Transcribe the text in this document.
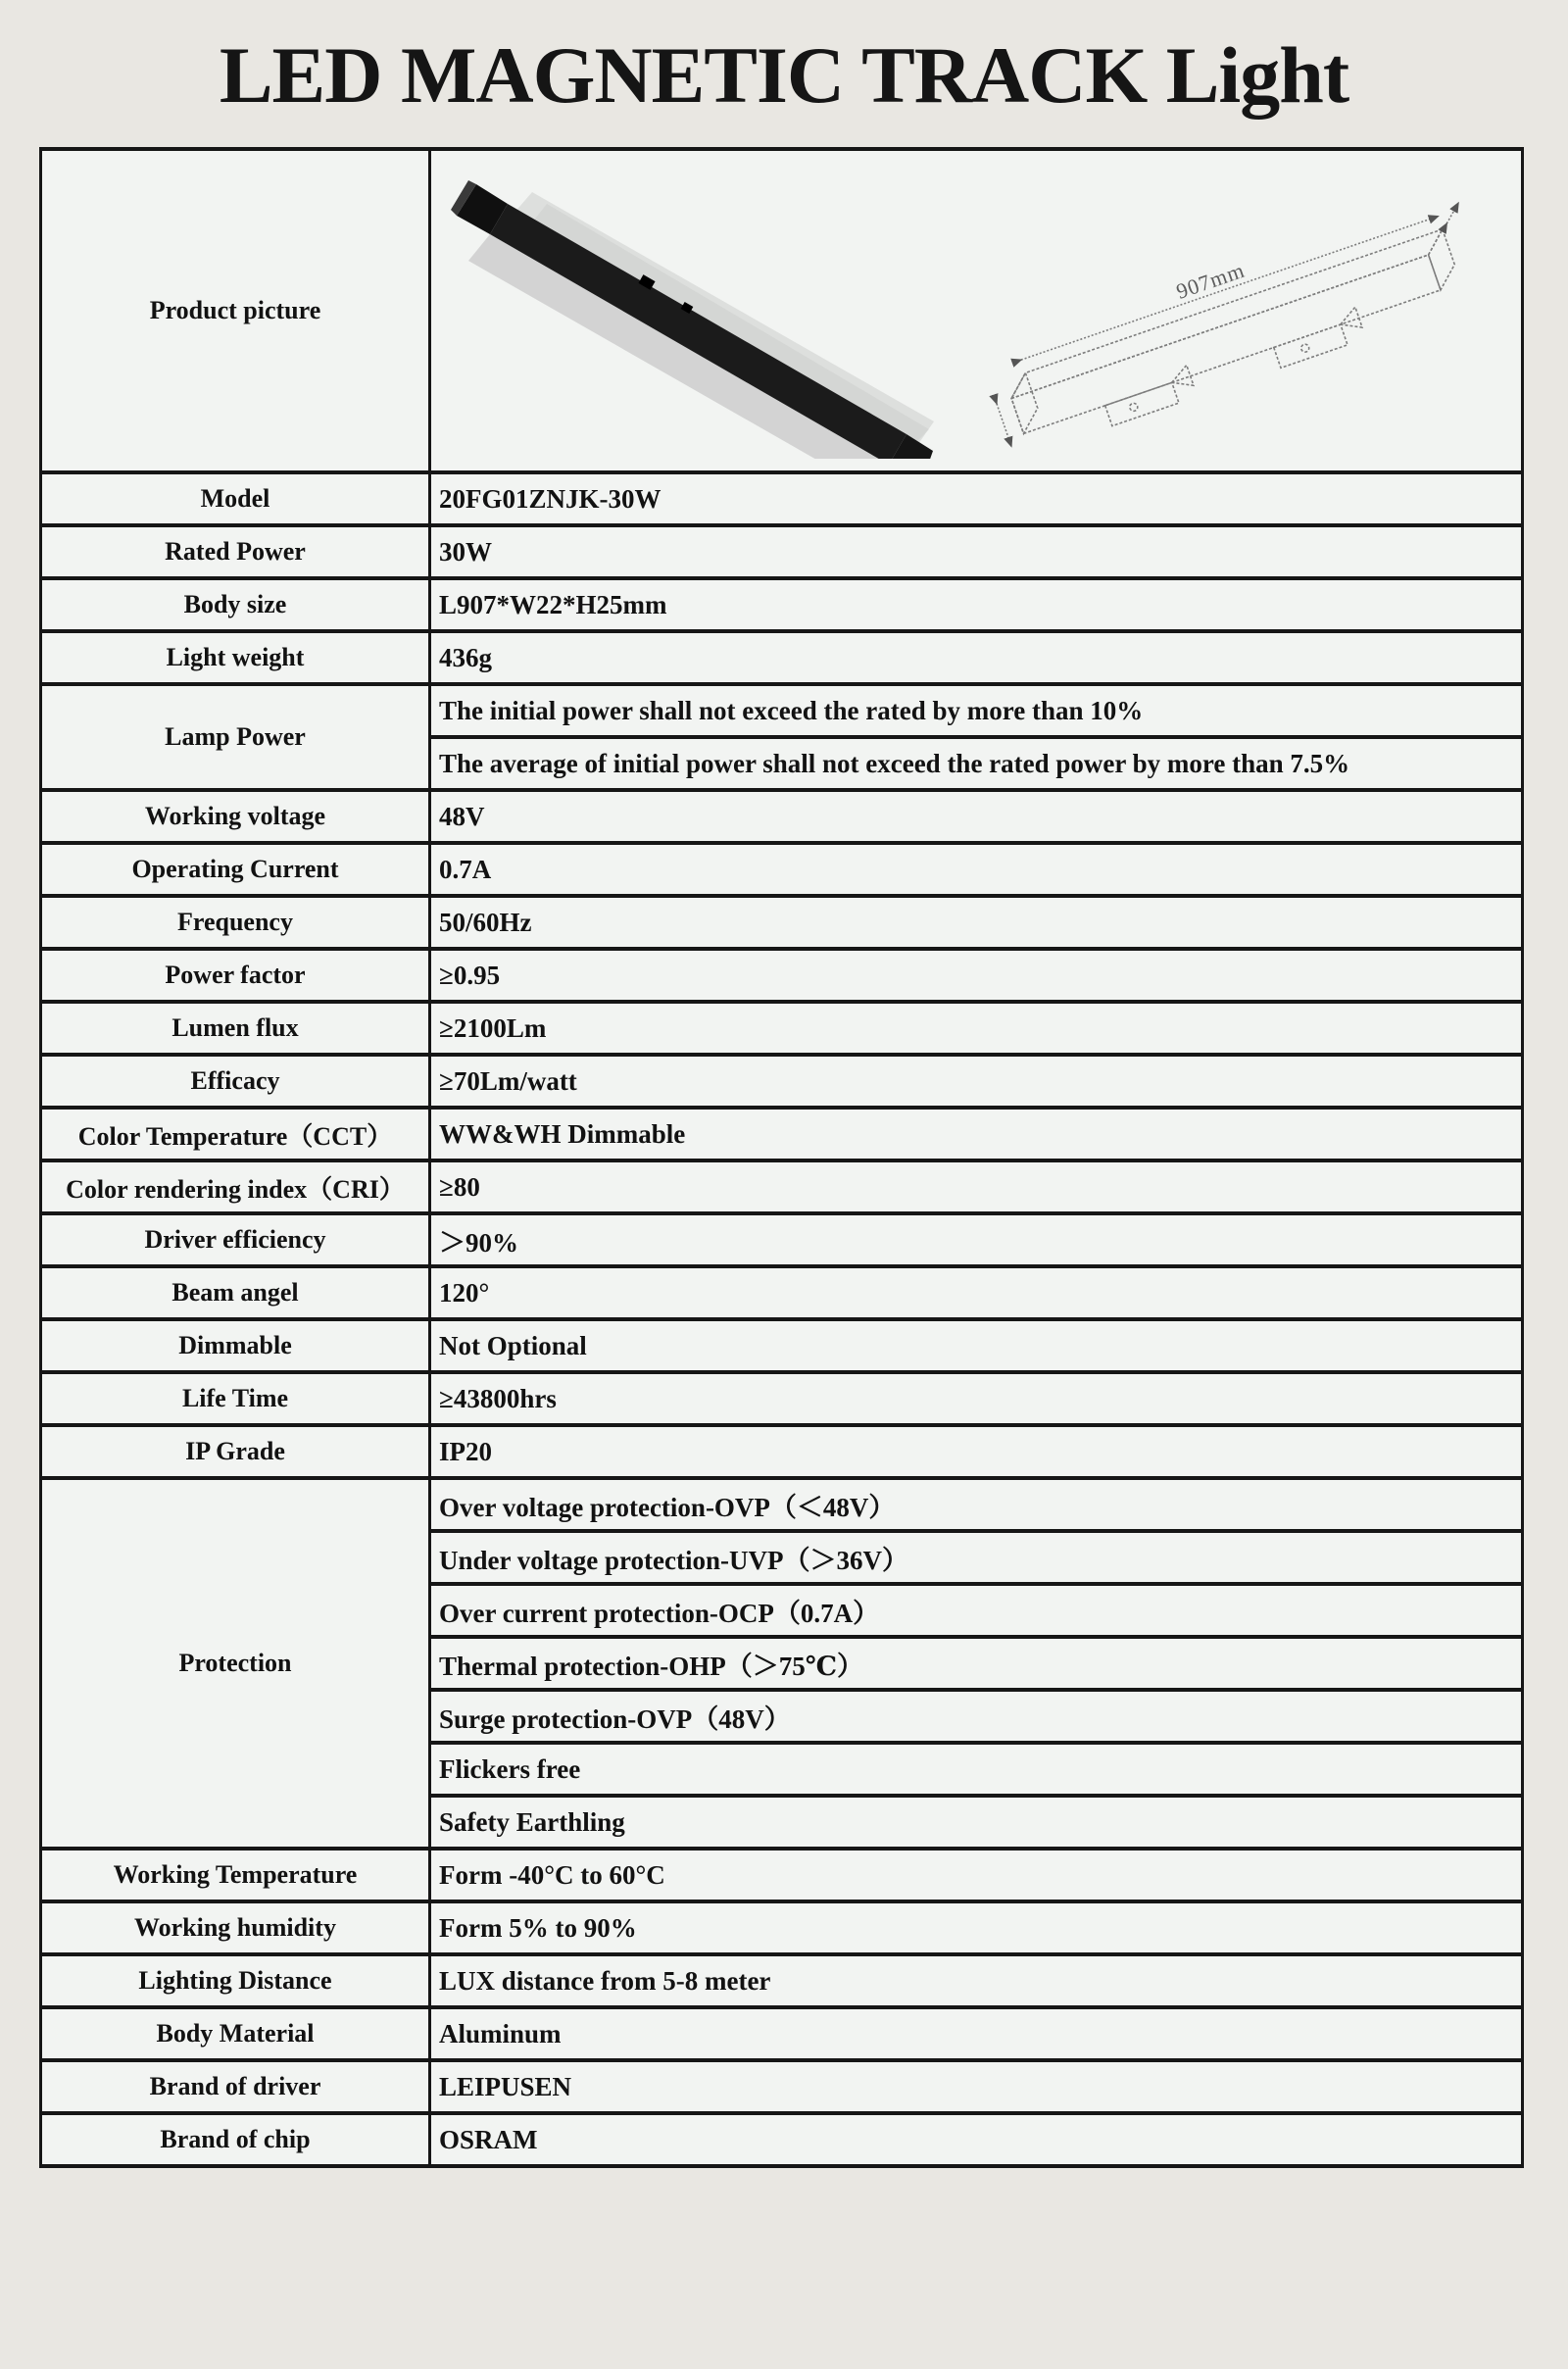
LED MAGNETIC TRACK Light
Product picture	907mm

Model	20FG01ZNJK-30W
Rated Power	30W
Body size	L907*W22*H25mm
Light weight	436g
Lamp Power	The initial power shall not exceed the rated by more than 10%
	The average of initial power shall not exceed the rated power by more than 7.5%
Working voltage	48V
Operating Current	0.7A
Frequency	50/60Hz
Power factor	≥0.95
Lumen flux	≥2100Lm
Efficacy	≥70Lm/watt
Color Temperature（CCT）	WW&WH Dimmable
Color rendering index（CRI）	≥80
Driver efficiency	＞90%
Beam angel	120°
Dimmable	Not Optional
Life Time	≥43800hrs
IP Grade	IP20
Protection	Over voltage protection-OVP（＜48V）
	Under voltage protection-UVP（＞36V）
	Over current protection-OCP（0.7A）
	Thermal protection-OHP（＞75℃）
	Surge protection-OVP（48V）
	Flickers free
	Safety Earthling
Working Temperature	Form -40°C to 60°C
Working humidity	Form 5% to 90%
Lighting Distance	LUX distance from 5-8 meter
Body Material	Aluminum
Brand of driver	LEIPUSEN
Brand of chip	OSRAM
